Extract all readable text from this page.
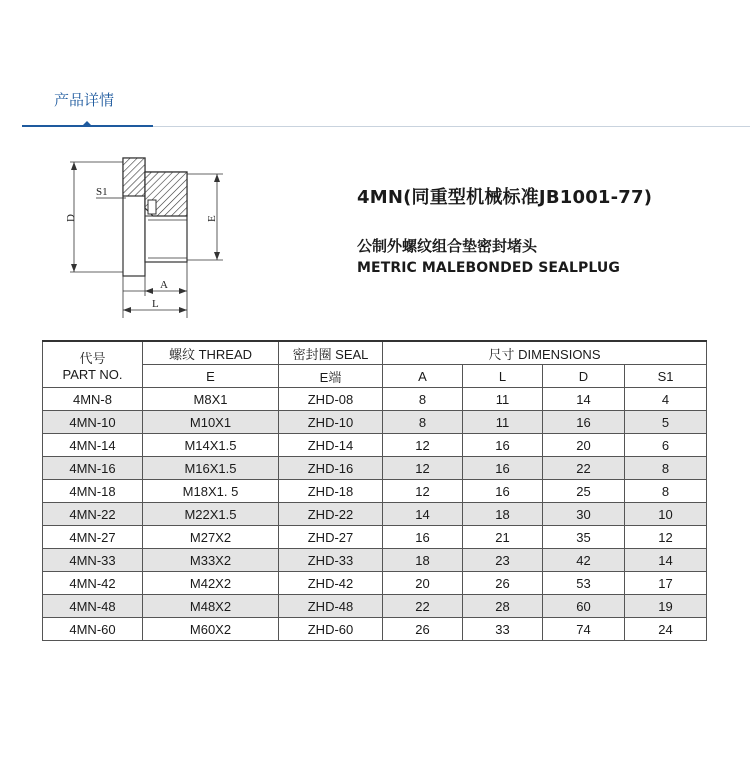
产品详情
S1
D	E
A
L
4MN(同重型机械标准JB1001-77)
公制外螺纹组合垫密封堵头
METRIC MALEBONDED SEALPLUG
代号
PART NO.	螺纹 THREAD	密封圈 SEAL	尺寸 DIMENSIONS			
	E	E端	A	L	D	S1
4MN-8	M8X1	ZHD-08	8	11	14	4
4MN-10	M10X1	ZHD-10	8	11	16	5
4MN-14	M14X1.5	ZHD-14	12	16	20	6
4MN-16	M16X1.5	ZHD-16	12	16	22	8
4MN-18	M18X1. 5	ZHD-18	12	16	25	8
4MN-22	M22X1.5	ZHD-22	14	18	30	10
4MN-27	M27X2	ZHD-27	16	21	35	12
4MN-33	M33X2	ZHD-33	18	23	42	14
4MN-42	M42X2	ZHD-42	20	26	53	17
4MN-48	M48X2	ZHD-48	22	28	60	19
4MN-60	M60X2	ZHD-60	26	33	74	24
